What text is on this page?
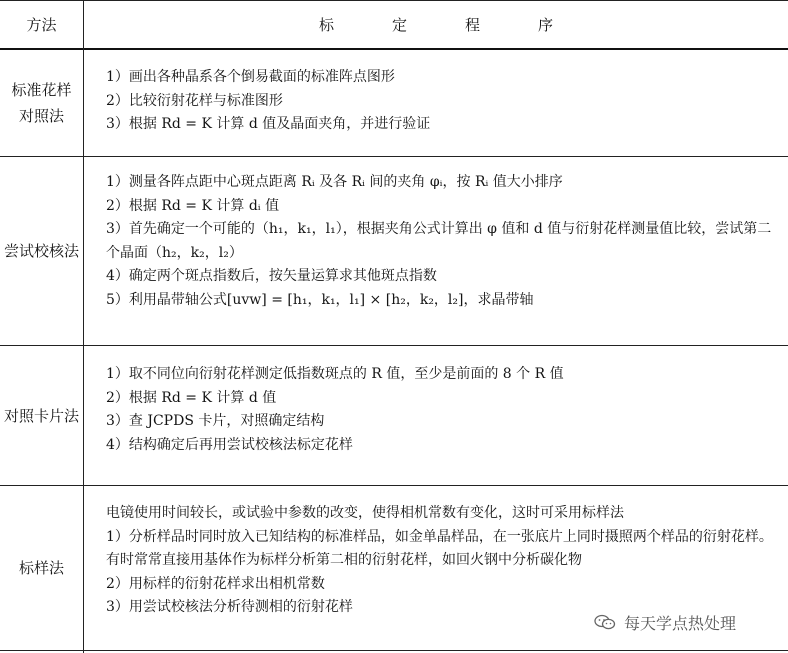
方法	标定程序
标准花样对照法
1）画出各种晶系各个倒易截面的标准阵点图形
2）比较衍射花样与标准图形
3）根据 Rd = K 计算 d 值及晶面夹角，并进行验证
尝试校核法
1）测量各阵点距中心斑点距离 Rᵢ 及各 Rᵢ 间的夹角 φᵢ，按 Rᵢ 值大小排序
2）根据 Rd = K 计算 dᵢ 值
3）首先确定一个可能的（h₁，k₁，l₁），根据夹角公式计算出 φ 值和 d 值与衍射花样测量值比较，尝试第二个晶面（h₂，k₂，l₂）
4）确定两个斑点指数后，按矢量运算求其他斑点指数
5）利用晶带轴公式[uvw] = [h₁，k₁，l₁] × [h₂，k₂，l₂]，求晶带轴
对照卡片法
1）取不同位向衍射花样测定低指数斑点的 R 值，至少是前面的 8 个 R 值
2）根据 Rd = K 计算 d 值
3）查 JCPDS 卡片，对照确定结构
4）结构确定后再用尝试校核法标定花样
标样法
电镜使用时间较长，或试验中参数的改变，使得相机常数有变化，这时可采用标样法
1）分析样品时同时放入已知结构的标准样品，如金单晶样品，在一张底片上同时摄照两个样品的衍射花样。有时常常直接用基体作为标样分析第二相的衍射花样，如回火钢中分析碳化物
2）用标样的衍射花样求出相机常数
3）用尝试校核法分析待测相的衍射花样
每天学点热处理
